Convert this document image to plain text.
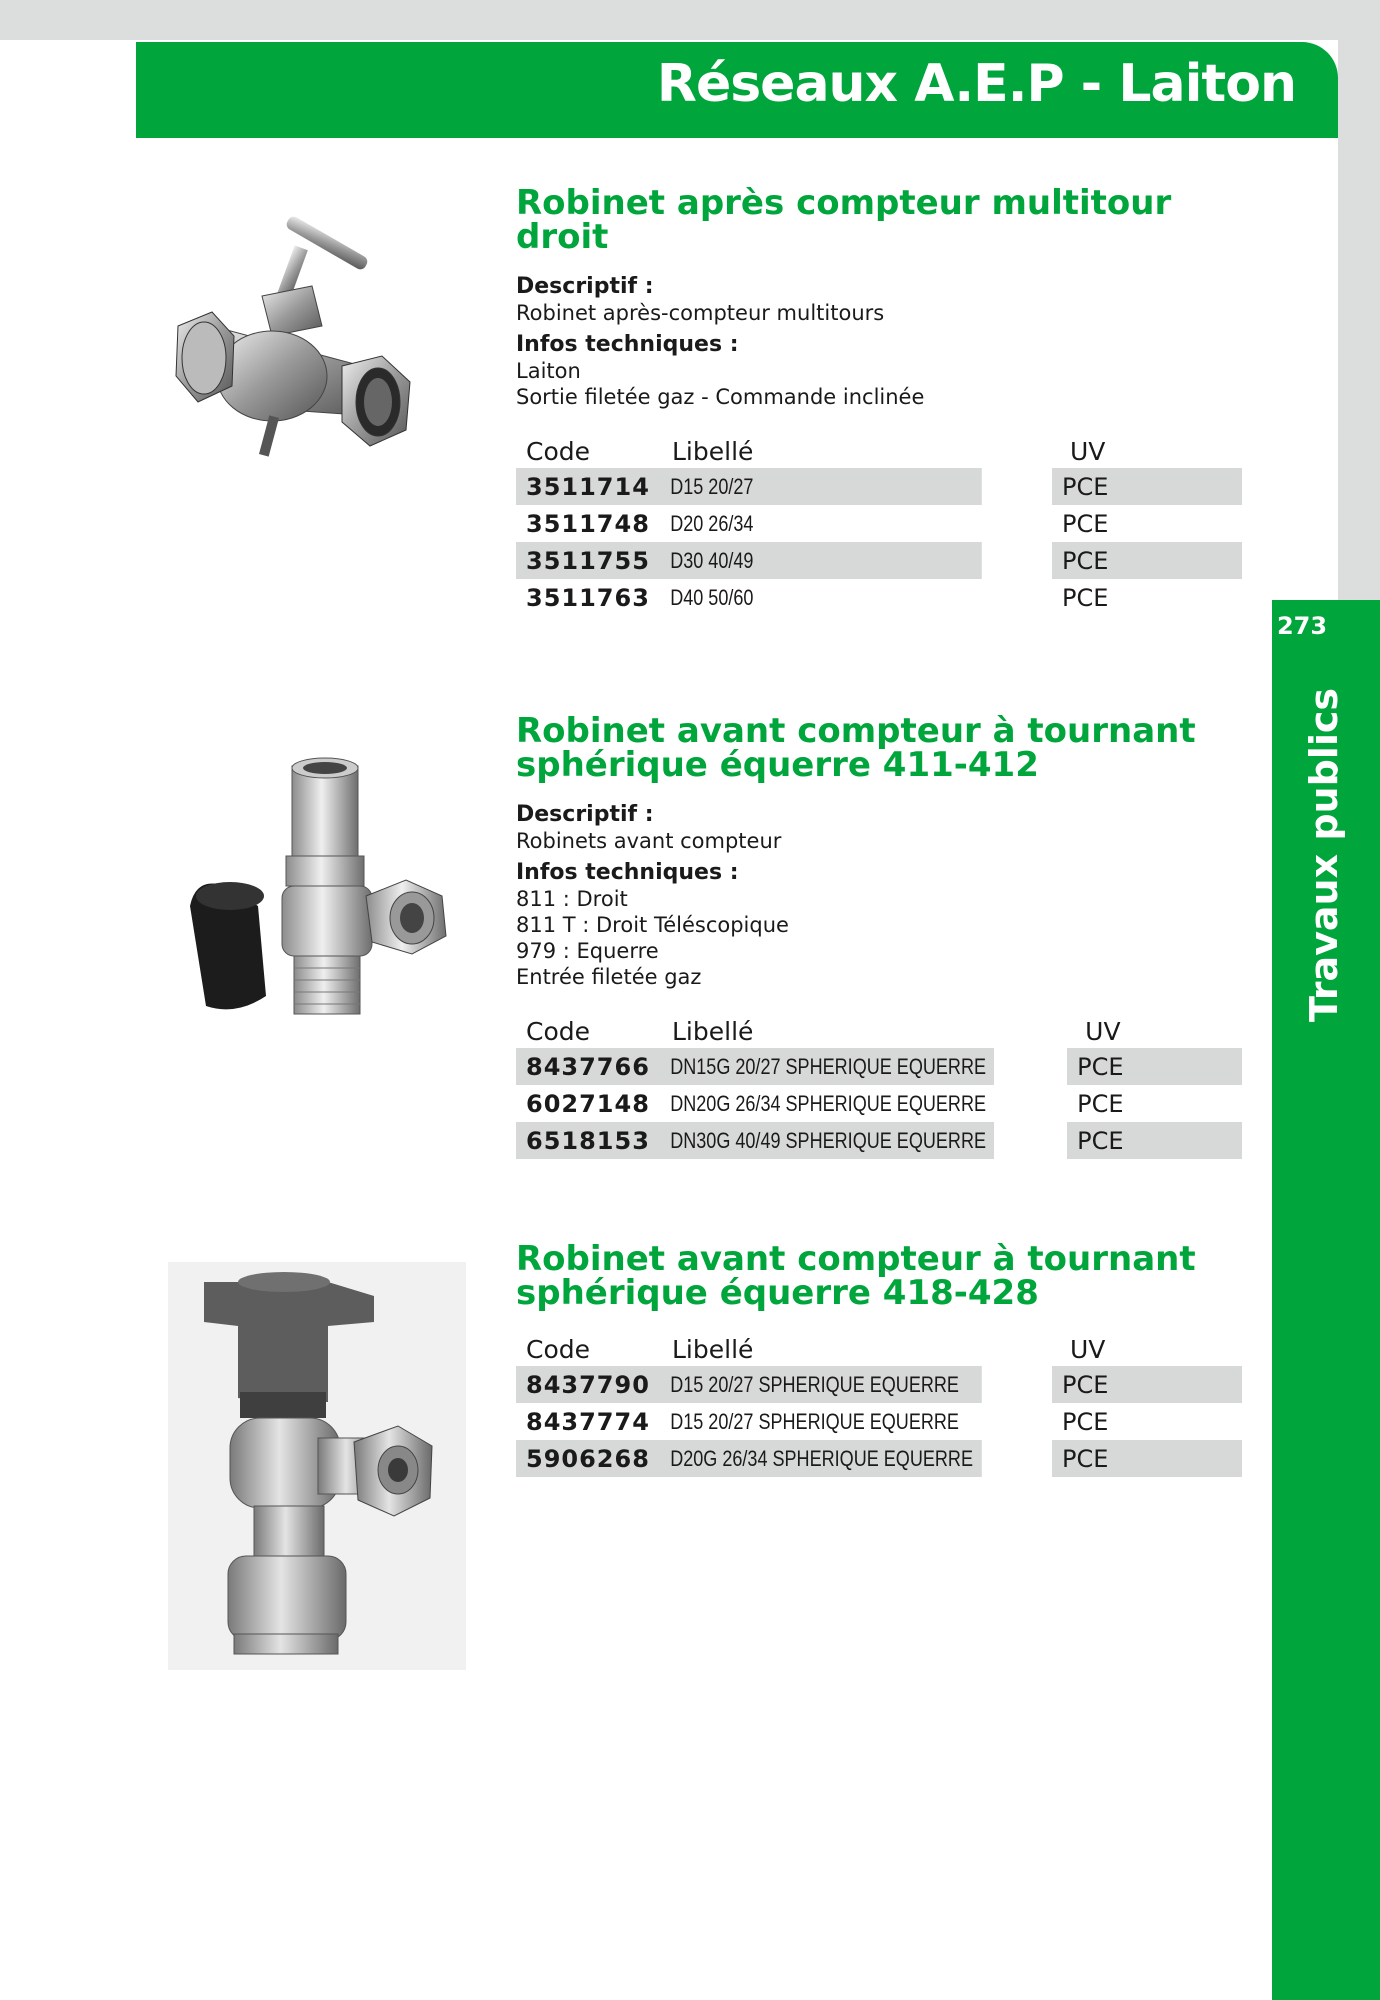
Réseaux A.E.P - Laiton
273
Travaux publics
Robinet après compteur multitour
droit
Descriptif :
Robinet après-compteur multitours
Infos techniques :
Laiton
Sortie filetée gaz - Commande inclinée
Code	Libellé	UV
3511714	D15 20/27	PCE
3511748	D20 26/34	PCE
3511755	D30 40/49	PCE
3511763	D40 50/60	PCE
Robinet avant compteur à tournant
sphérique équerre 411-412
Descriptif :
Robinets avant compteur
Infos techniques :
811 : Droit
811 T : Droit Téléscopique
979 : Equerre
Entrée filetée gaz
Code	Libellé	UV
8437766	DN15G 20/27 SPHERIQUE EQUERRE	PCE
6027148	DN20G 26/34 SPHERIQUE EQUERRE	PCE
6518153	DN30G 40/49 SPHERIQUE EQUERRE	PCE
Robinet avant compteur à tournant
sphérique équerre 418-428
Code	Libellé	UV
8437790	D15 20/27 SPHERIQUE EQUERRE	PCE
8437774	D15 20/27 SPHERIQUE EQUERRE	PCE
5906268	D20G 26/34 SPHERIQUE EQUERRE	PCE
